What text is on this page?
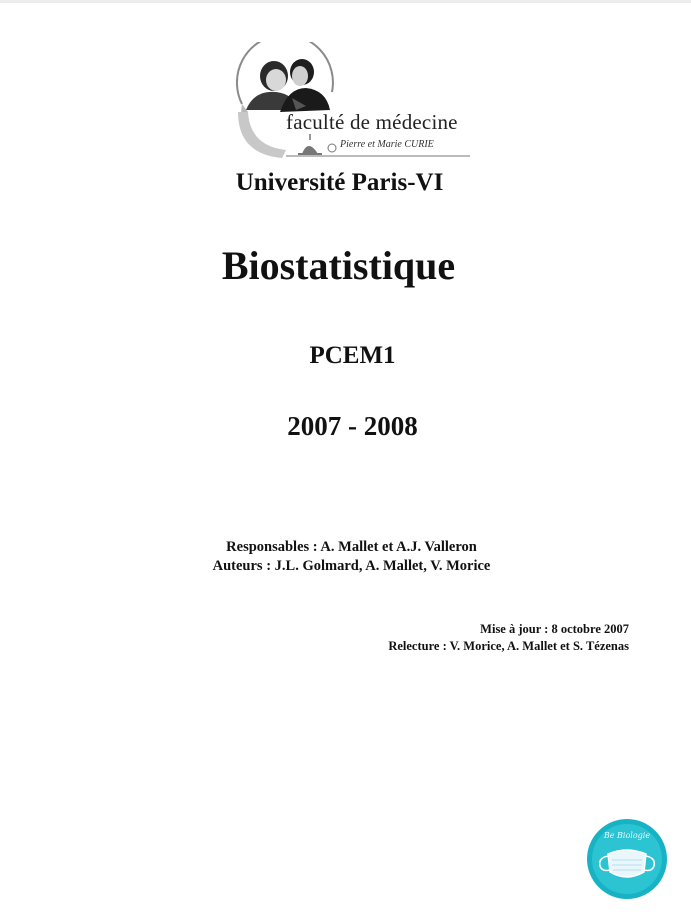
faculté de médecine
Pierre et Marie CURIE
Université Paris-VI
Biostatistique
PCEM1
2007 - 2008
Responsables : A. Mallet et A.J. Valleron
Auteurs : J.L. Golmard, A. Mallet, V. Morice
Mise à jour : 8 octobre 2007
Relecture : V. Morice, A. Mallet et S. Tézenas
Be Biologie
